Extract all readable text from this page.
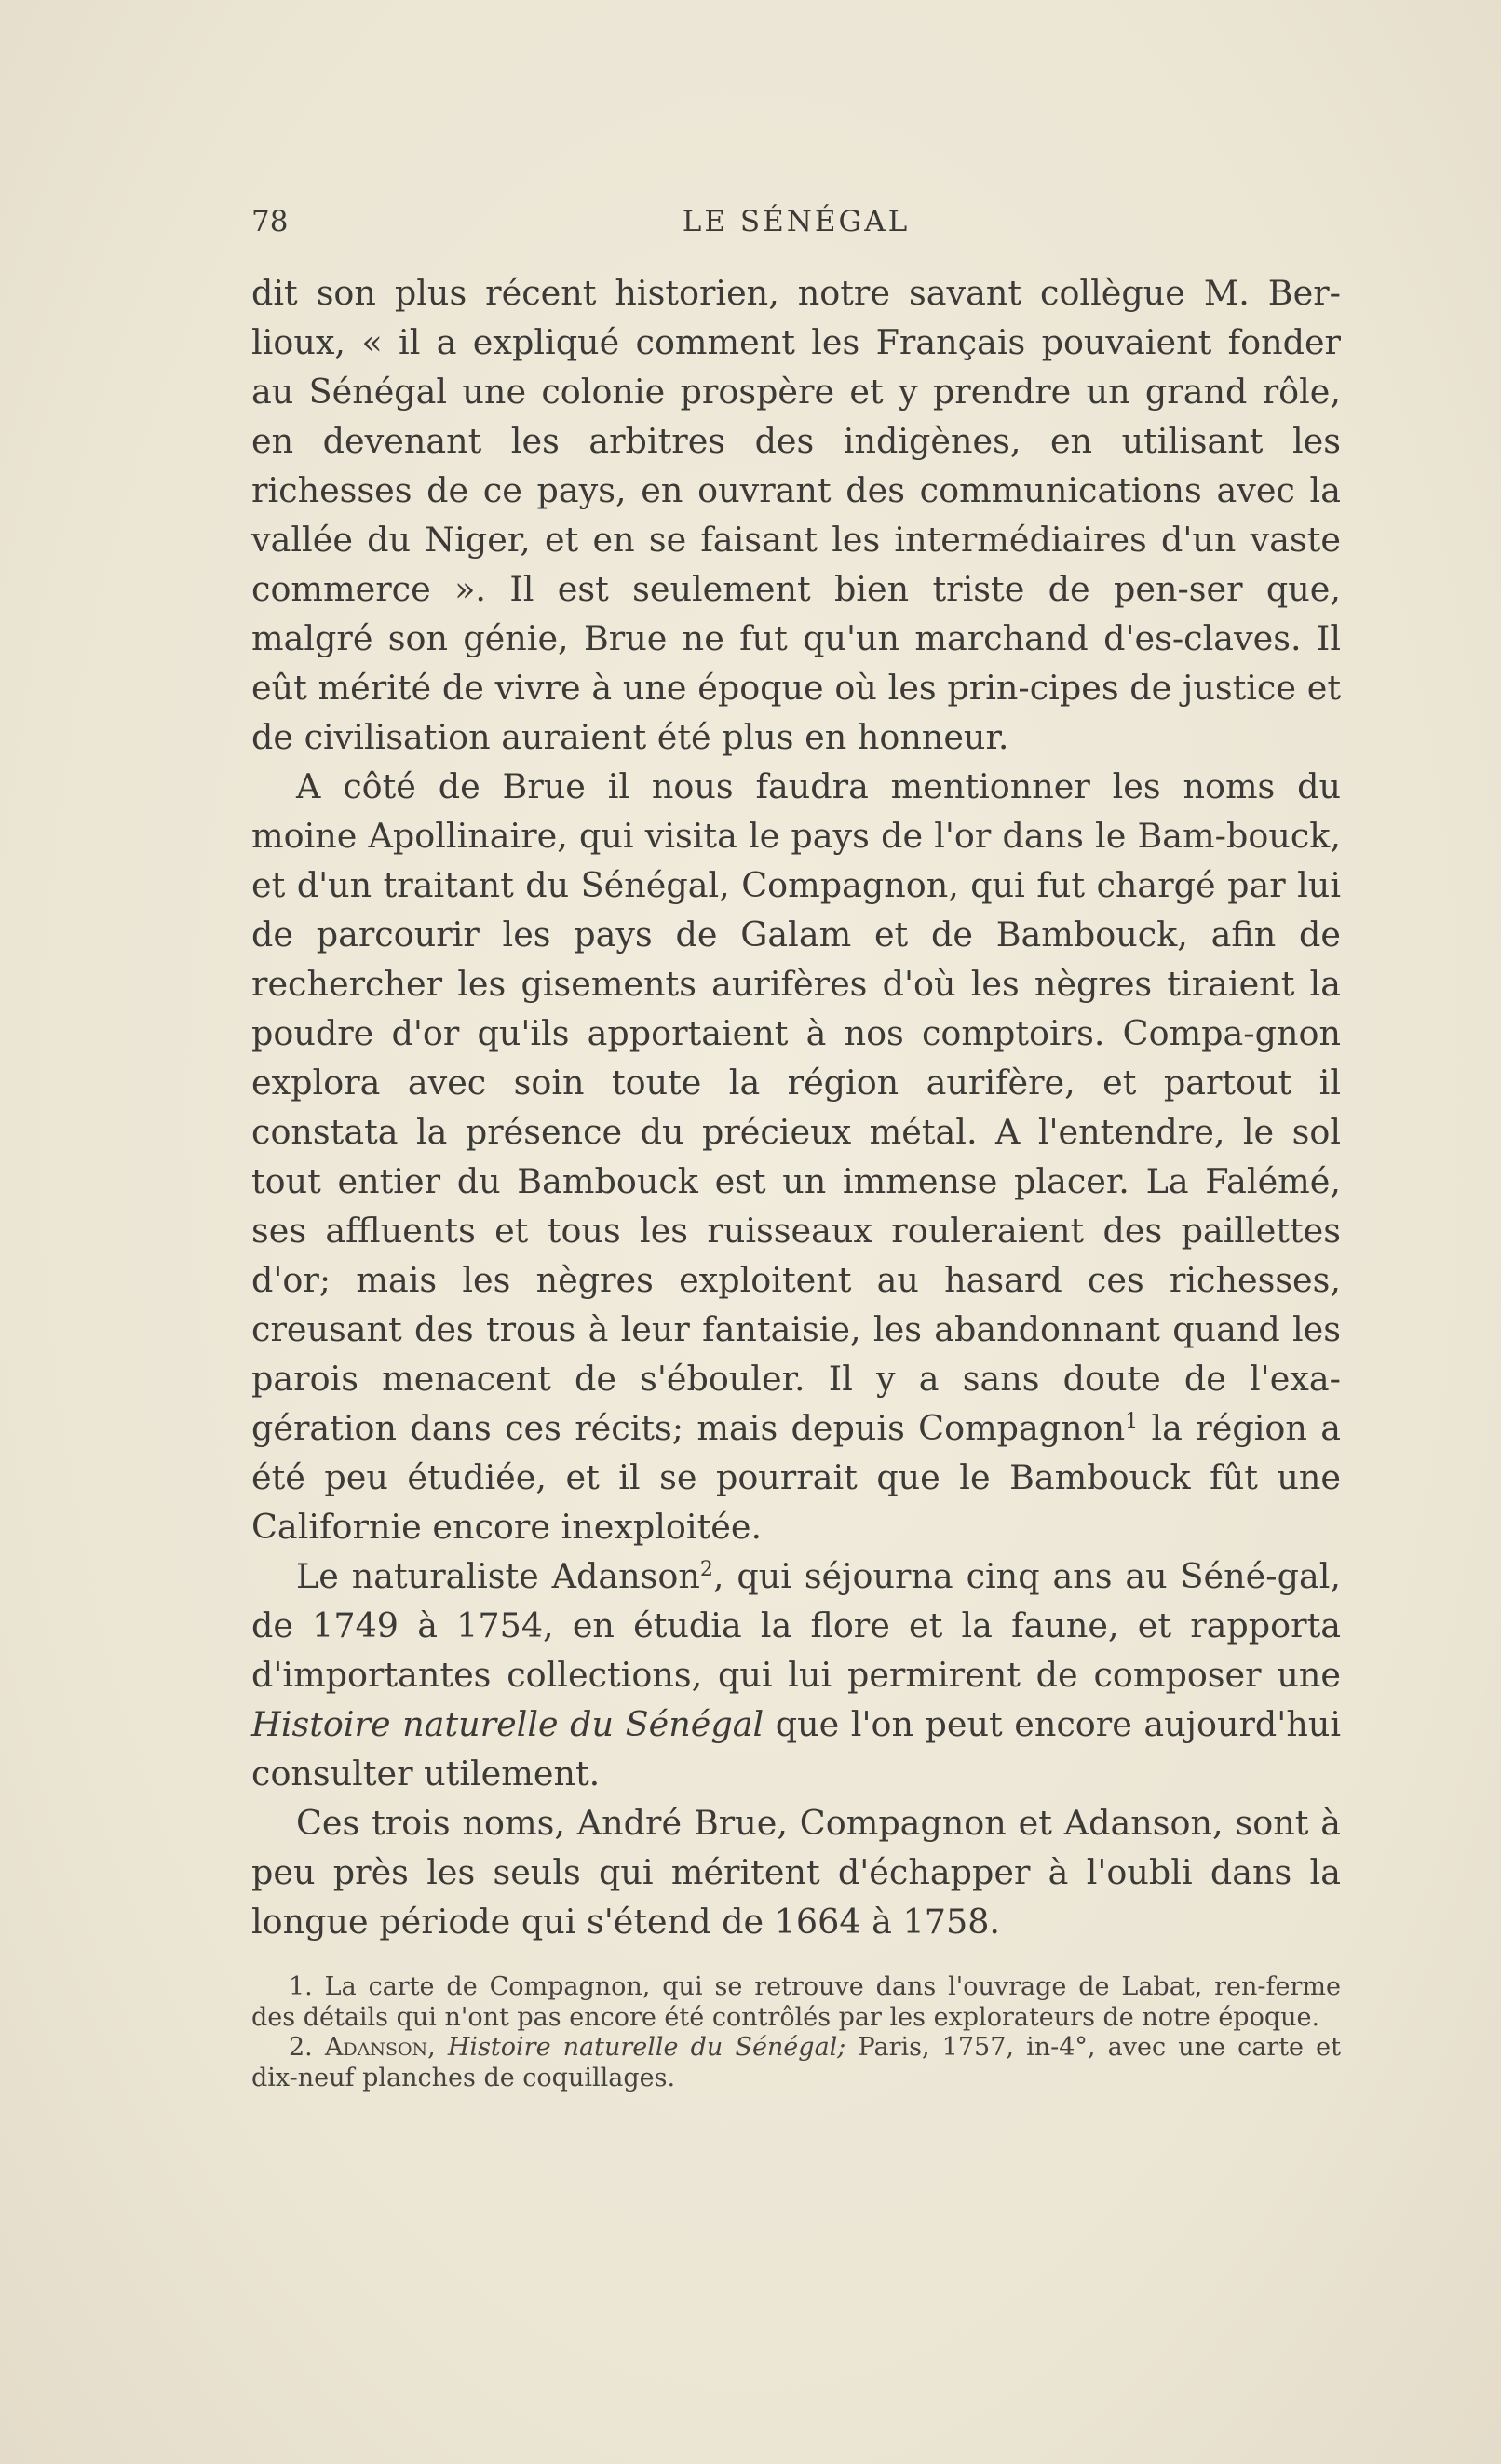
78	LE SÉNÉGAL

dit son plus récent historien, notre savant collègue M. Ber-lioux, « il a expliqué comment les Français pouvaient fonder au Sénégal une colonie prospère et y prendre un grand rôle, en devenant les arbitres des indigènes, en utilisant les richesses de ce pays, en ouvrant des communications avec la vallée du Niger, et en se faisant les intermédiaires d'un vaste commerce ». Il est seulement bien triste de pen-ser que, malgré son génie, Brue ne fut qu'un marchand d'es-claves. Il eût mérité de vivre à une époque où les prin-cipes de justice et de civilisation auraient été plus en honneur.

A côté de Brue il nous faudra mentionner les noms du moine Apollinaire, qui visita le pays de l'or dans le Bam-bouck, et d'un traitant du Sénégal, Compagnon, qui fut chargé par lui de parcourir les pays de Galam et de Bambouck, afin de rechercher les gisements aurifères d'où les nègres tiraient la poudre d'or qu'ils apportaient à nos comptoirs. Compa-gnon explora avec soin toute la région aurifère, et partout il constata la présence du précieux métal. A l'entendre, le sol tout entier du Bambouck est un immense placer. La Falémé, ses affluents et tous les ruisseaux rouleraient des paillettes d'or; mais les nègres exploitent au hasard ces richesses, creusant des trous à leur fantaisie, les abandonnant quand les parois menacent de s'ébouler. Il y a sans doute de l'exa-gération dans ces récits; mais depuis Compagnon$^1$ la région a été peu étudiée, et il se pourrait que le Bambouck fût une Californie encore inexploitée.

Le naturaliste Adanson$^2$, qui séjourna cinq ans au Séné-gal, de 1749 à 1754, en étudia la flore et la faune, et rapporta d'importantes collections, qui lui permirent de composer une Histoire naturelle du Sénégal que l'on peut encore aujourd'hui consulter utilement.

Ces trois noms, André Brue, Compagnon et Adanson, sont à peu près les seuls qui méritent d'échapper à l'oubli dans la longue période qui s'étend de 1664 à 1758.

1. La carte de Compagnon, qui se retrouve dans l'ouvrage de Labat, ren-ferme des détails qui n'ont pas encore été contrôlés par les explorateurs de notre époque.

2. Adanson, Histoire naturelle du Sénégal; Paris, 1757, in-4°, avec une carte et dix-neuf planches de coquillages.
